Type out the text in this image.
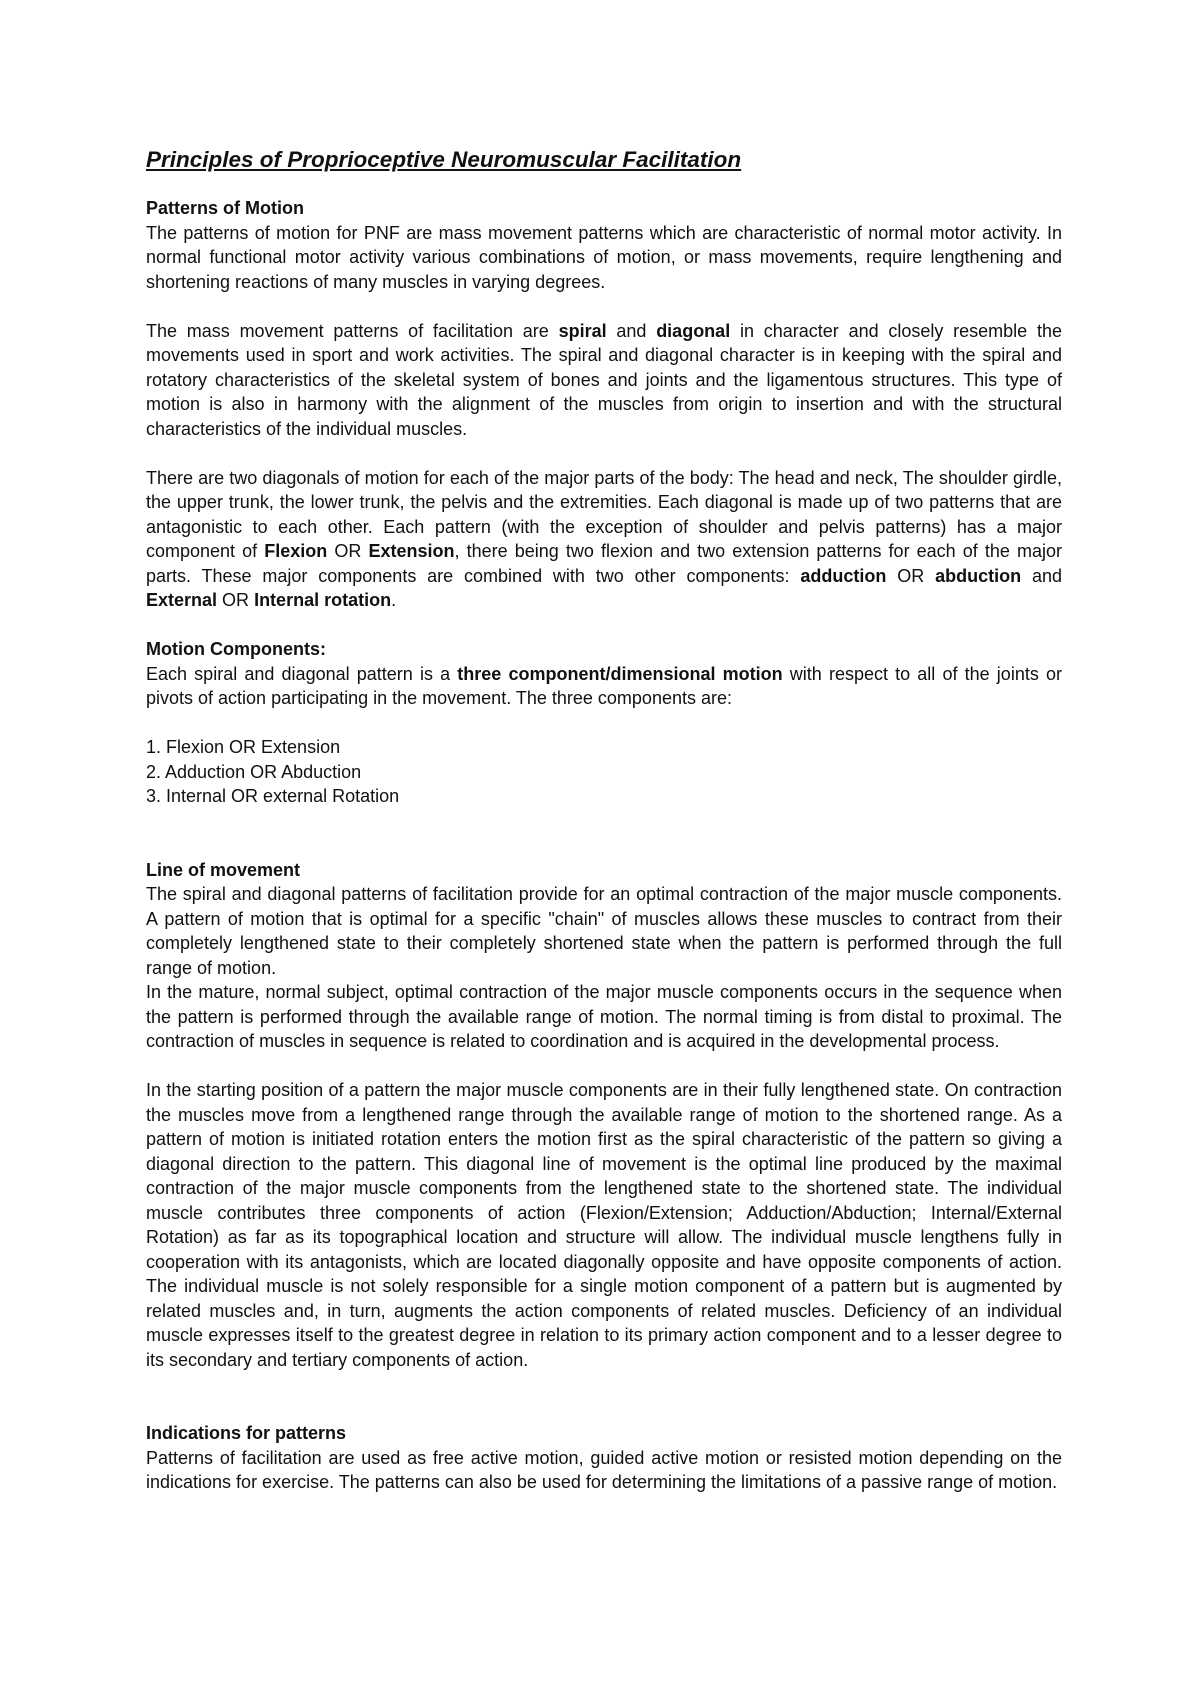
Principles of Proprioceptive Neuromuscular Facilitation
Patterns of Motion

The patterns of motion for PNF are mass movement patterns which are characteristic of normal motor activity. In normal functional motor activity various combinations of motion, or mass movements, require lengthening and shortening reactions of many muscles in varying degrees.

The mass movement patterns of facilitation are spiral and diagonal in character and closely resemble the movements used in sport and work activities. The spiral and diagonal character is in keeping with the spiral and rotatory characteristics of the skeletal system of bones and joints and the ligamentous structures. This type of motion is also in harmony with the alignment of the muscles from origin to insertion and with the structural characteristics of the individual muscles.

There are two diagonals of motion for each of the major parts of the body: The head and neck, The shoulder girdle, the upper trunk, the lower trunk, the pelvis and the extremities. Each diagonal is made up of two patterns that are antagonistic to each other. Each pattern (with the exception of shoulder and pelvis patterns) has a major component of Flexion OR Extension, there being two flexion and two extension patterns for each of the major parts. These major components are combined with two other components: adduction OR abduction and External OR Internal rotation.

Motion Components:

Each spiral and diagonal pattern is a three component/dimensional motion with respect to all of the joints or pivots of action participating in the movement. The three components are:

1. Flexion OR Extension
2. Adduction OR Abduction
3. Internal OR external Rotation
Line of movement

The spiral and diagonal patterns of facilitation provide for an optimal contraction of the major muscle components. A pattern of motion that is optimal for a specific "chain" of muscles allows these muscles to contract from their completely lengthened state to their completely shortened state when the pattern is performed through the full range of motion.

In the mature, normal subject, optimal contraction of the major muscle components occurs in the sequence when the pattern is performed through the available range of motion. The normal timing is from distal to proximal. The contraction of muscles in sequence is related to coordination and is acquired in the developmental process.

In the starting position of a pattern the major muscle components are in their fully lengthened state. On contraction the muscles move from a lengthened range through the available range of motion to the shortened range. As a pattern of motion is initiated rotation enters the motion first as the spiral characteristic of the pattern so giving a diagonal direction to the pattern. This diagonal line of movement is the optimal line produced by the maximal contraction of the major muscle components from the lengthened state to the shortened state. The individual muscle contributes three components of action (Flexion/Extension; Adduction/Abduction; Internal/External Rotation) as far as its topographical location and structure will allow. The individual muscle lengthens fully in cooperation with its antagonists, which are located diagonally opposite and have opposite components of action. The individual muscle is not solely responsible for a single motion component of a pattern but is augmented by related muscles and, in turn, augments the action components of related muscles. Deficiency of an individual muscle expresses itself to the greatest degree in relation to its primary action component and to a lesser degree to its secondary and tertiary components of action.

Indications for patterns

Patterns of facilitation are used as free active motion, guided active motion or resisted motion depending on the indications for exercise. The patterns can also be used for determining the limitations of a passive range of motion.
